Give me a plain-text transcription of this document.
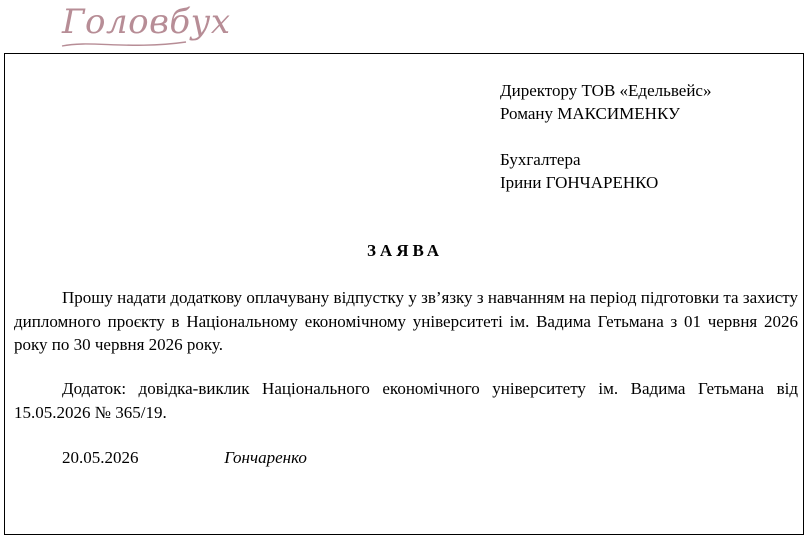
Головбух
Директору ТОВ «Едельвейс»
Роману МАКСИМЕНКУ
Бухгалтера
Ірини ГОНЧАРЕНКО
ЗАЯВА
Прошу надати додаткову оплачувану відпустку у зв’язку з навчанням на період підготовки та захисту дипломного проєкту в Національному економічному університеті ім. Вадима Гетьмана з 01 червня 2026 року по 30 червня 2026 року.
Додаток: довідка-виклик Національного економічного університету ім. Вадима Гетьмана від 15.05.2026 № 365/19.
20.05.2026	Гончаренко
